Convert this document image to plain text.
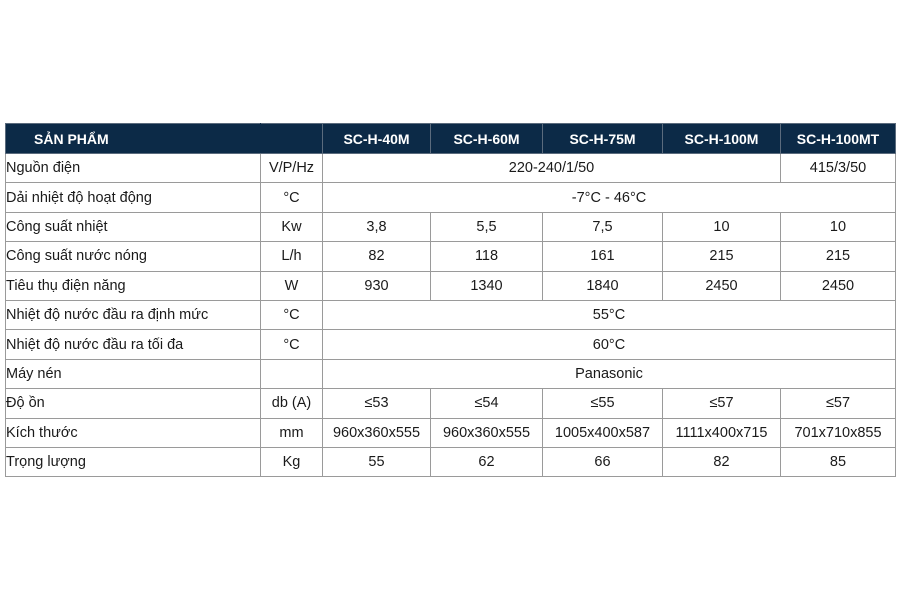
SẢN PHẨM		SC-H-40M	SC-H-60M	SC-H-75M	SC-H-100M	SC-H-100MT
Nguồn điện	V/P/Hz	220-240/1/50				415/3/50
Dải nhiệt độ hoạt động	°C	-7°C - 46°C				
Công suất nhiệt	Kw	3,8	5,5	7,5	10	10
Công suất nước nóng	L/h	82	118	161	215	215
Tiêu thụ điện năng	W	930	1340	1840	2450	2450
Nhiệt độ nước đầu ra định mức	°C	55°C				
Nhiệt độ nước đầu ra tối đa	°C	60°C				
Máy nén		Panasonic				
Độ ồn	db (A)	≤53	≤54	≤55	≤57	≤57
Kích thước	mm	960x360x555	960x360x555	1005x400x587	1111x400x715	701x710x855
Trọng lượng	Kg	55	62	66	82	85
